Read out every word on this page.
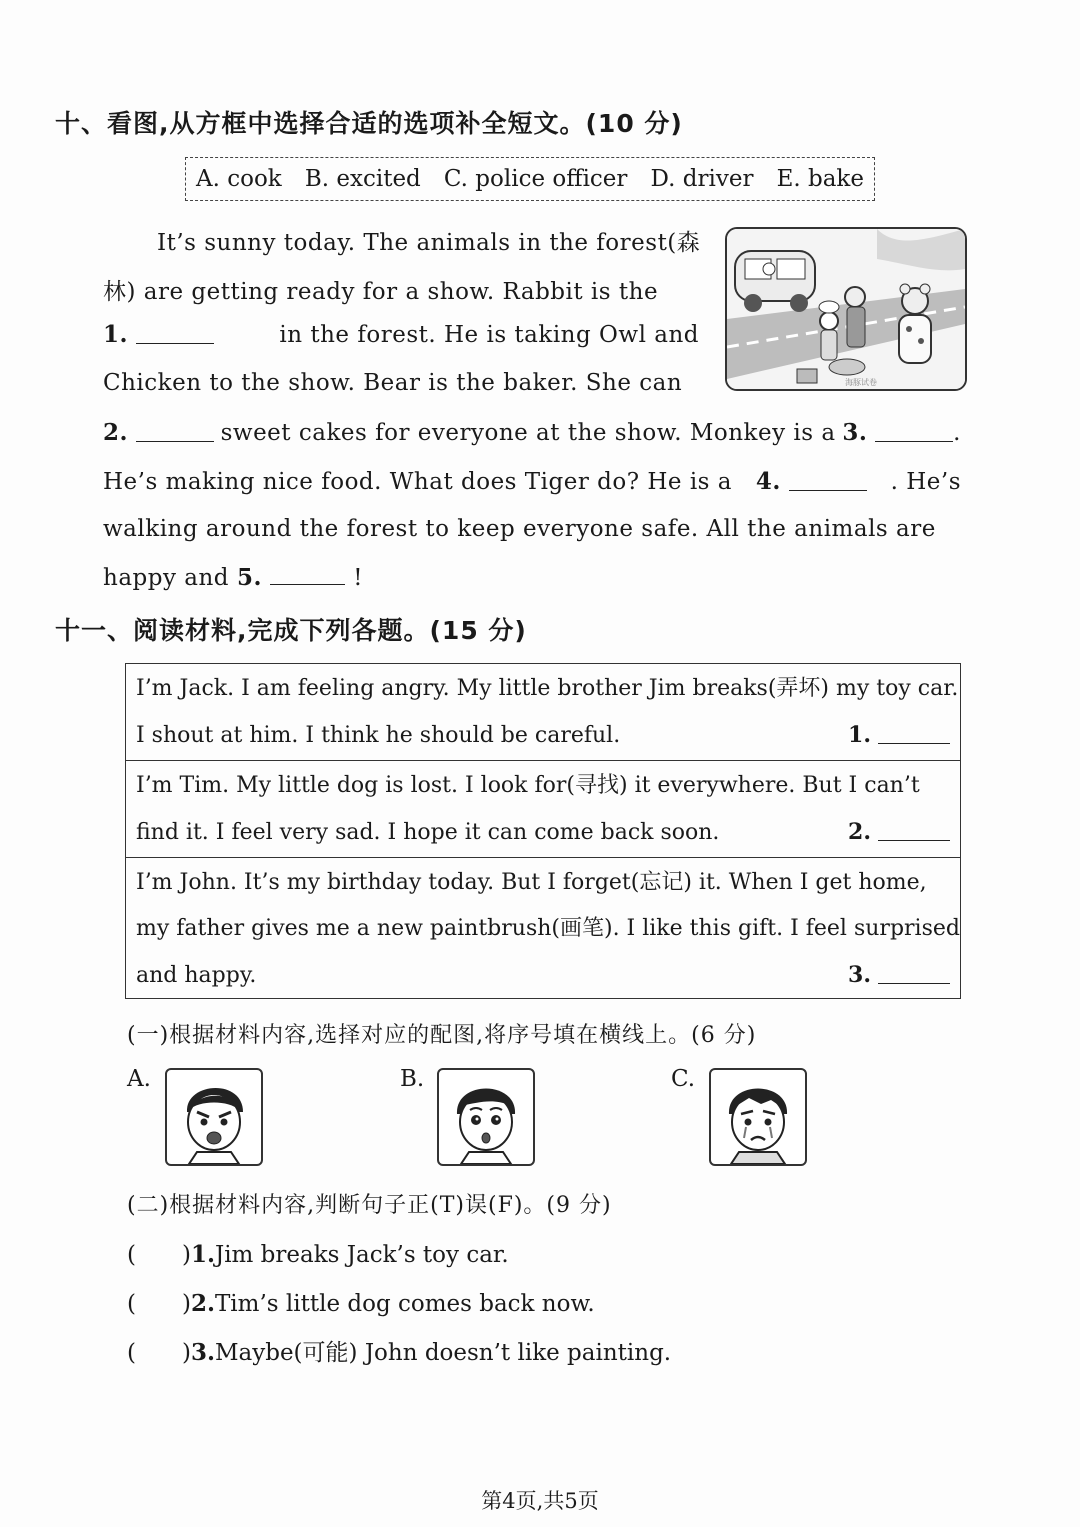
十、看图,从方框中选择合适的选项补全短文。(10 分)
A. cook B. excited C. police officer D. driver E. bake
It’s sunny today. The animals in the forest(森
林) are getting ready for a show. Rabbit is the
1.	in the forest. He is taking Owl and
Chicken to the show. Bear is the baker. She can
2.	sweet cakes for everyone at the show. Monkey is a 3.	.
He’s making nice food. What does Tiger do? He is a 4.	. He’s
walking around the forest to keep everyone safe. All the animals are
happy and 5.	!
海豚试卷
十一、阅读材料,完成下列各题。(15 分)
I’m Jack. I am feeling angry. My little brother Jim breaks(弄坏) my toy car.
I shout at him. I think he should be careful.	1.
I’m Tim. My little dog is lost. I look for(寻找) it everywhere. But I can’t
find it. I feel very sad. I hope it can come back soon.	2.
I’m John. It’s my birthday today. But I forget(忘记) it. When I get home,
my father gives me a new paintbrush(画笔). I like this gift. I feel surprised
and happy.	3.
(一)根据材料内容,选择对应的配图,将序号填在横线上。(6 分)
A.	B.	C.
(二)根据材料内容,判断句子正(T)误(F)。(9 分)
(　　)1.Jim breaks Jack’s toy car.
(　　)2.Tim’s little dog comes back now.
(　　)3.Maybe(可能) John doesn’t like painting.
第4页,共5页
